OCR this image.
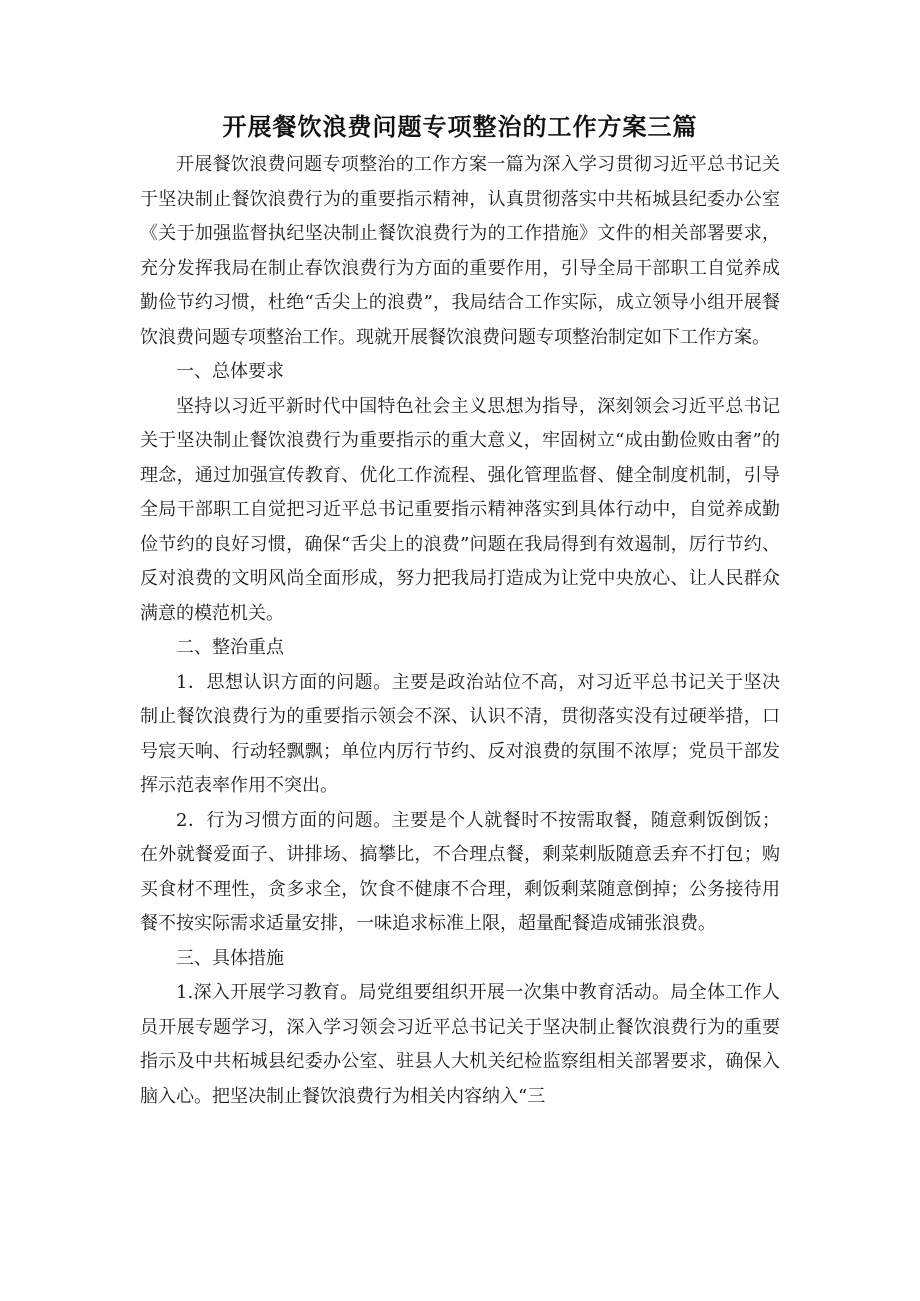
开展餐饮浪费问题专项整治的工作方案三篇

开展餐饮浪费问题专项整治的工作方案一篇为深入学习贯彻习近平总书记关于坚决制止餐饮浪费行为的重要指示精神，认真贯彻落实中共柘城县纪委办公室《关于加强监督执纪坚决制止餐饮浪费行为的工作措施》文件的相关部署要求，充分发挥我局在制止春饮浪费行为方面的重要作用，引导全局干部职工自觉养成勤俭节约习惯，杜绝“舌尖上的浪费”，我局结合工作实际，成立领导小组开展餐饮浪费问题专项整治工作。现就开展餐饮浪费问题专项整治制定如下工作方案。

一、总体要求

坚持以习近平新时代中国特色社会主义思想为指导，深刻领会习近平总书记关于坚决制止餐饮浪费行为重要指示的重大意义，牢固树立“成由勤俭败由奢”的理念，通过加强宣传教育、优化工作流程、强化管理监督、健全制度机制，引导全局干部职工自觉把习近平总书记重要指示精神落实到具体行动中，自觉养成勤俭节约的良好习惯，确保“舌尖上的浪费”问题在我局得到有效遏制，厉行节约、反对浪费的文明风尚全面形成，努力把我局打造成为让党中央放心、让人民群众满意的模范机关。

二、整治重点

1．思想认识方面的问题。主要是政治站位不高，对习近平总书记关于坚决制止餐饮浪费行为的重要指示领会不深、认识不清，贯彻落实没有过硬举措，口号宸天响、行动轻飘飘；单位内厉行节约、反对浪费的氛围不浓厚；党员干部发挥示范表率作用不突出。

2．行为习惯方面的问题。主要是个人就餐时不按需取餐，随意剩饭倒饭；在外就餐爱面子、讲排场、搞攀比，不合理点餐，剩菜剌版随意丢弃不打包；购买食材不理性，贪多求全，饮食不健康不合理，剩饭剩菜随意倒掉；公务接待用餐不按实际需求适量安排，一味追求标准上限，超量配餐造成铺张浪费。

三、具体措施

1.深入开展学习教育。局党组要组织开展一次集中教育活动。局全体工作人员开展专题学习，深入学习领会习近平总书记关于坚决制止餐饮浪费行为的重要指示及中共柘城县纪委办公室、驻县人大机关纪检监察组相关部署要求，确保入脑入心。把坚决制止餐饮浪费行为相关内容纳入“三
